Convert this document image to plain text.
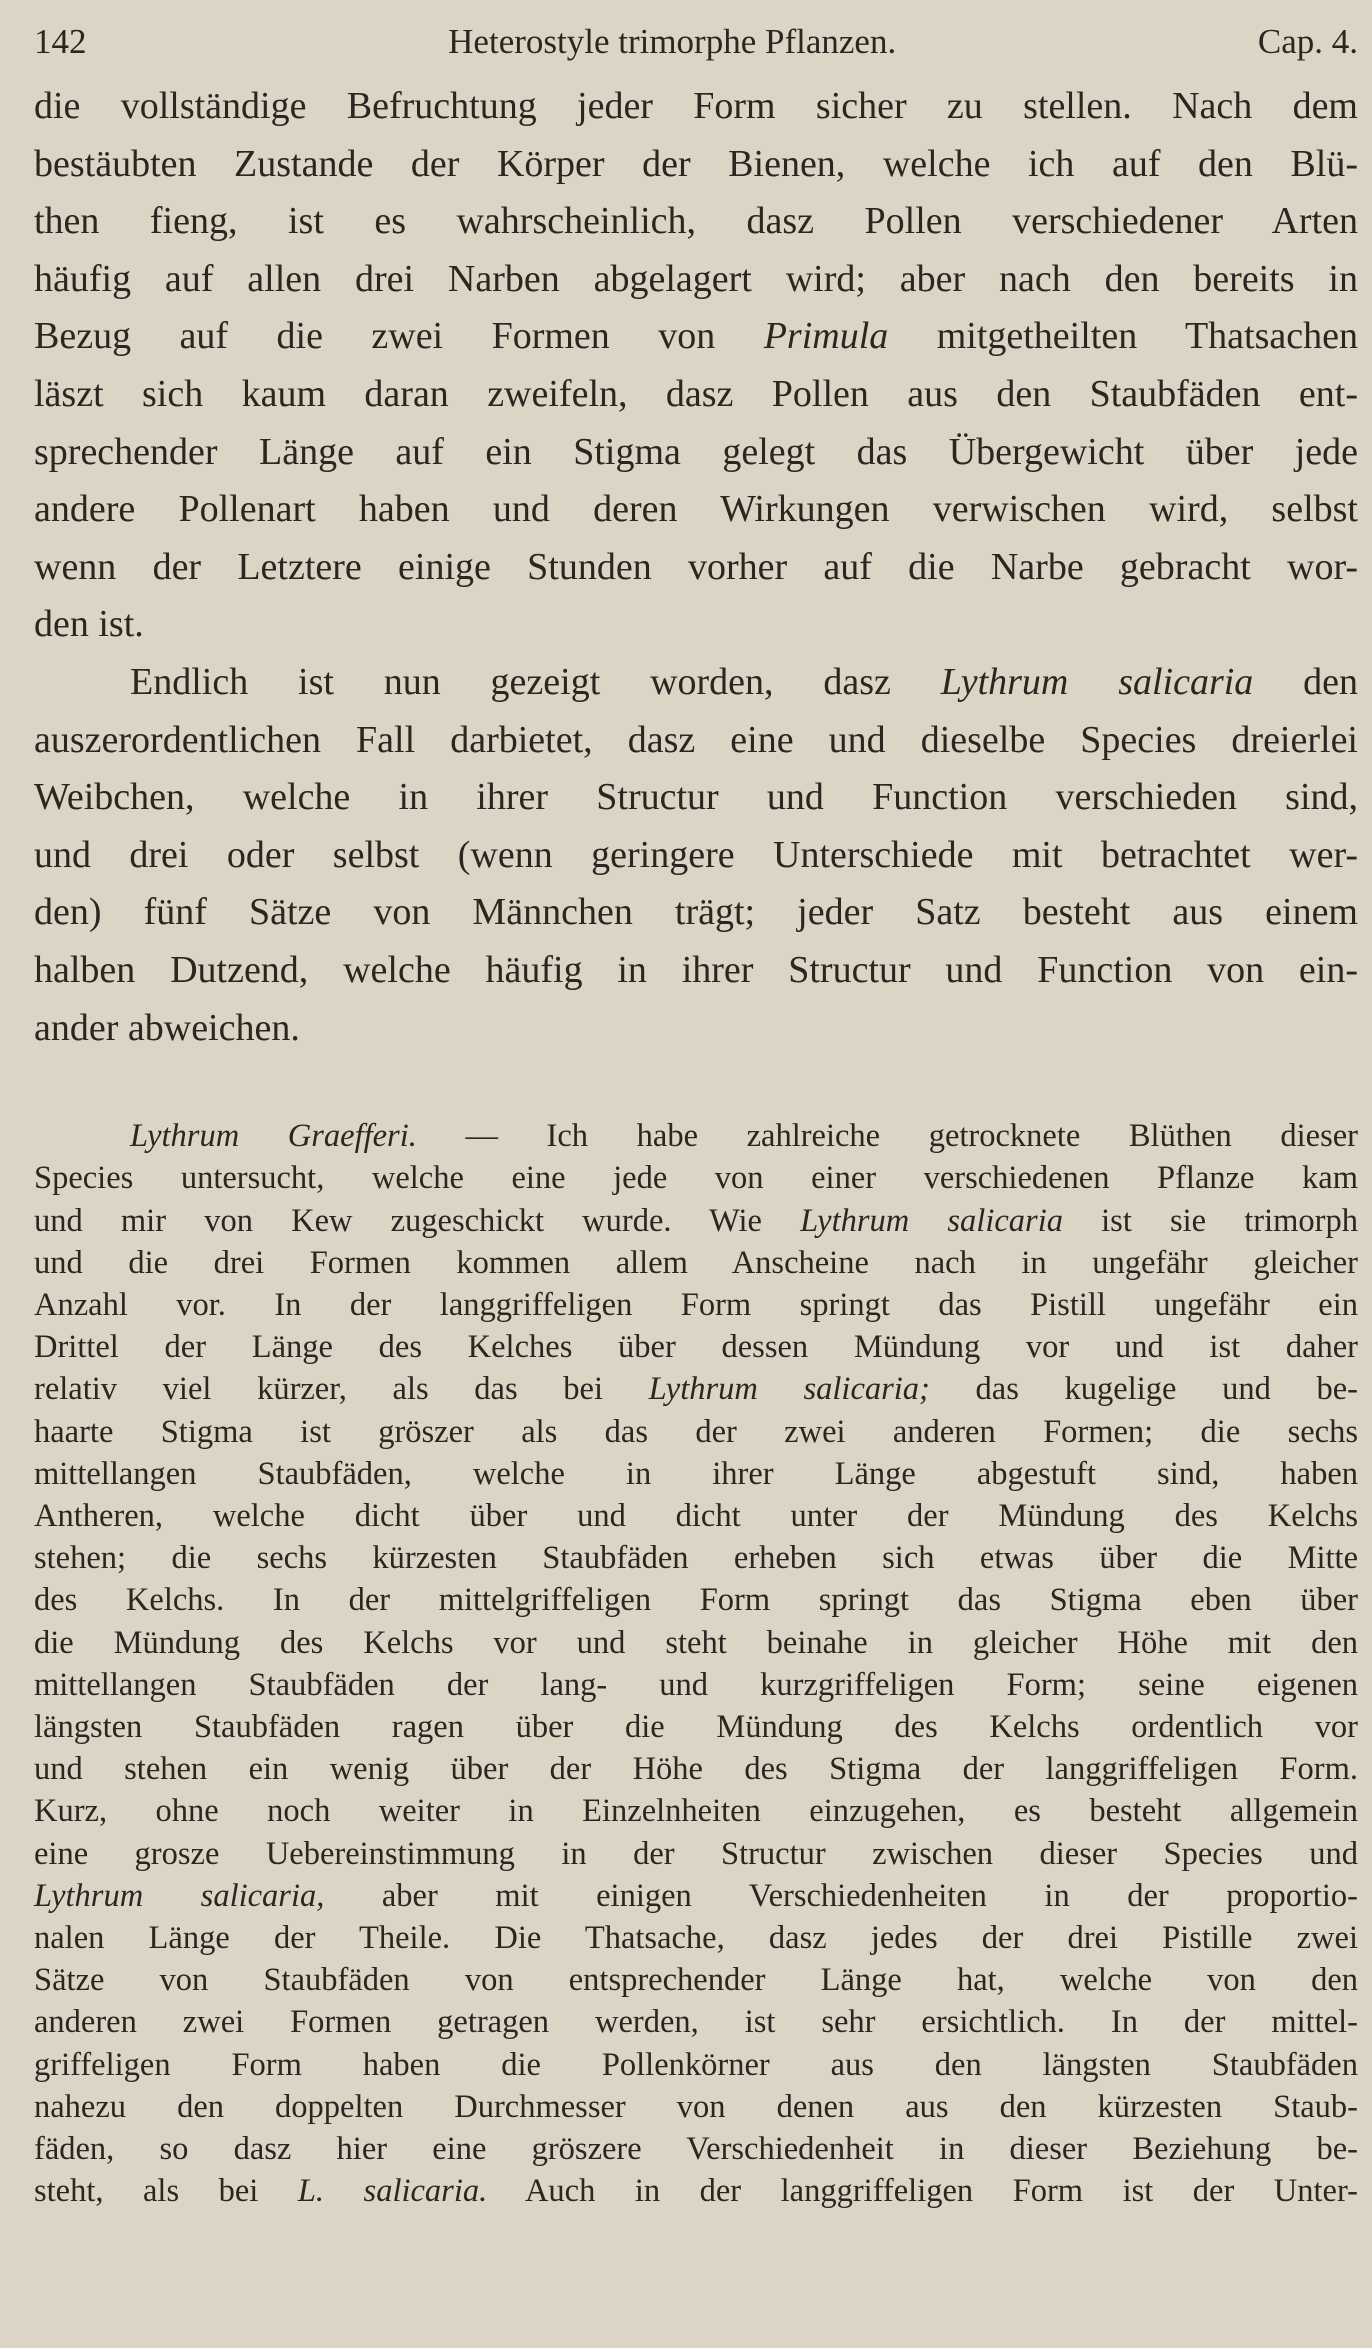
142	Heterostyle trimorphe Pflanzen.	Cap. 4.
die vollständige Befruchtung jeder Form sicher zu stellen. Nach dem
bestäubten Zustande der Körper der Bienen, welche ich auf den Blü-
then fieng, ist es wahrscheinlich, dasz Pollen verschiedener Arten
häufig auf allen drei Narben abgelagert wird; aber nach den bereits in
Bezug auf die zwei Formen von Primula mitgetheilten Thatsachen
läszt sich kaum daran zweifeln, dasz Pollen aus den Staubfäden ent-
sprechender Länge auf ein Stigma gelegt das Übergewicht über jede
andere Pollenart haben und deren Wirkungen verwischen wird, selbst
wenn der Letztere einige Stunden vorher auf die Narbe gebracht wor-
den ist.
Endlich ist nun gezeigt worden, dasz Lythrum salicaria den
auszerordentlichen Fall darbietet, dasz eine und dieselbe Species dreierlei
Weibchen, welche in ihrer Structur und Function verschieden sind,
und drei oder selbst (wenn geringere Unterschiede mit betrachtet wer-
den) fünf Sätze von Männchen trägt; jeder Satz besteht aus einem
halben Dutzend, welche häufig in ihrer Structur und Function von ein-
ander abweichen.
Lythrum Graefferi. — Ich habe zahlreiche getrocknete Blüthen dieser
Species untersucht, welche eine jede von einer verschiedenen Pflanze kam
und mir von Kew zugeschickt wurde. Wie Lythrum salicaria ist sie trimorph
und die drei Formen kommen allem Anscheine nach in ungefähr gleicher
Anzahl vor. In der langgriffeligen Form springt das Pistill ungefähr ein
Drittel der Länge des Kelches über dessen Mündung vor und ist daher
relativ viel kürzer, als das bei Lythrum salicaria; das kugelige und be-
haarte Stigma ist gröszer als das der zwei anderen Formen; die sechs
mittellangen Staubfäden, welche in ihrer Länge abgestuft sind, haben
Antheren, welche dicht über und dicht unter der Mündung des Kelchs
stehen; die sechs kürzesten Staubfäden erheben sich etwas über die Mitte
des Kelchs. In der mittelgriffeligen Form springt das Stigma eben über
die Mündung des Kelchs vor und steht beinahe in gleicher Höhe mit den
mittellangen Staubfäden der lang- und kurzgriffeligen Form; seine eigenen
längsten Staubfäden ragen über die Mündung des Kelchs ordentlich vor
und stehen ein wenig über der Höhe des Stigma der langgriffeligen Form.
Kurz, ohne noch weiter in Einzelnheiten einzugehen, es besteht allgemein
eine grosze Uebereinstimmung in der Structur zwischen dieser Species und
Lythrum salicaria, aber mit einigen Verschiedenheiten in der proportio-
nalen Länge der Theile. Die Thatsache, dasz jedes der drei Pistille zwei
Sätze von Staubfäden von entsprechender Länge hat, welche von den
anderen zwei Formen getragen werden, ist sehr ersichtlich. In der mittel-
griffeligen Form haben die Pollenkörner aus den längsten Staubfäden
nahezu den doppelten Durchmesser von denen aus den kürzesten Staub-
fäden, so dasz hier eine gröszere Verschiedenheit in dieser Beziehung be-
steht, als bei L. salicaria. Auch in der langgriffeligen Form ist der Unter-
